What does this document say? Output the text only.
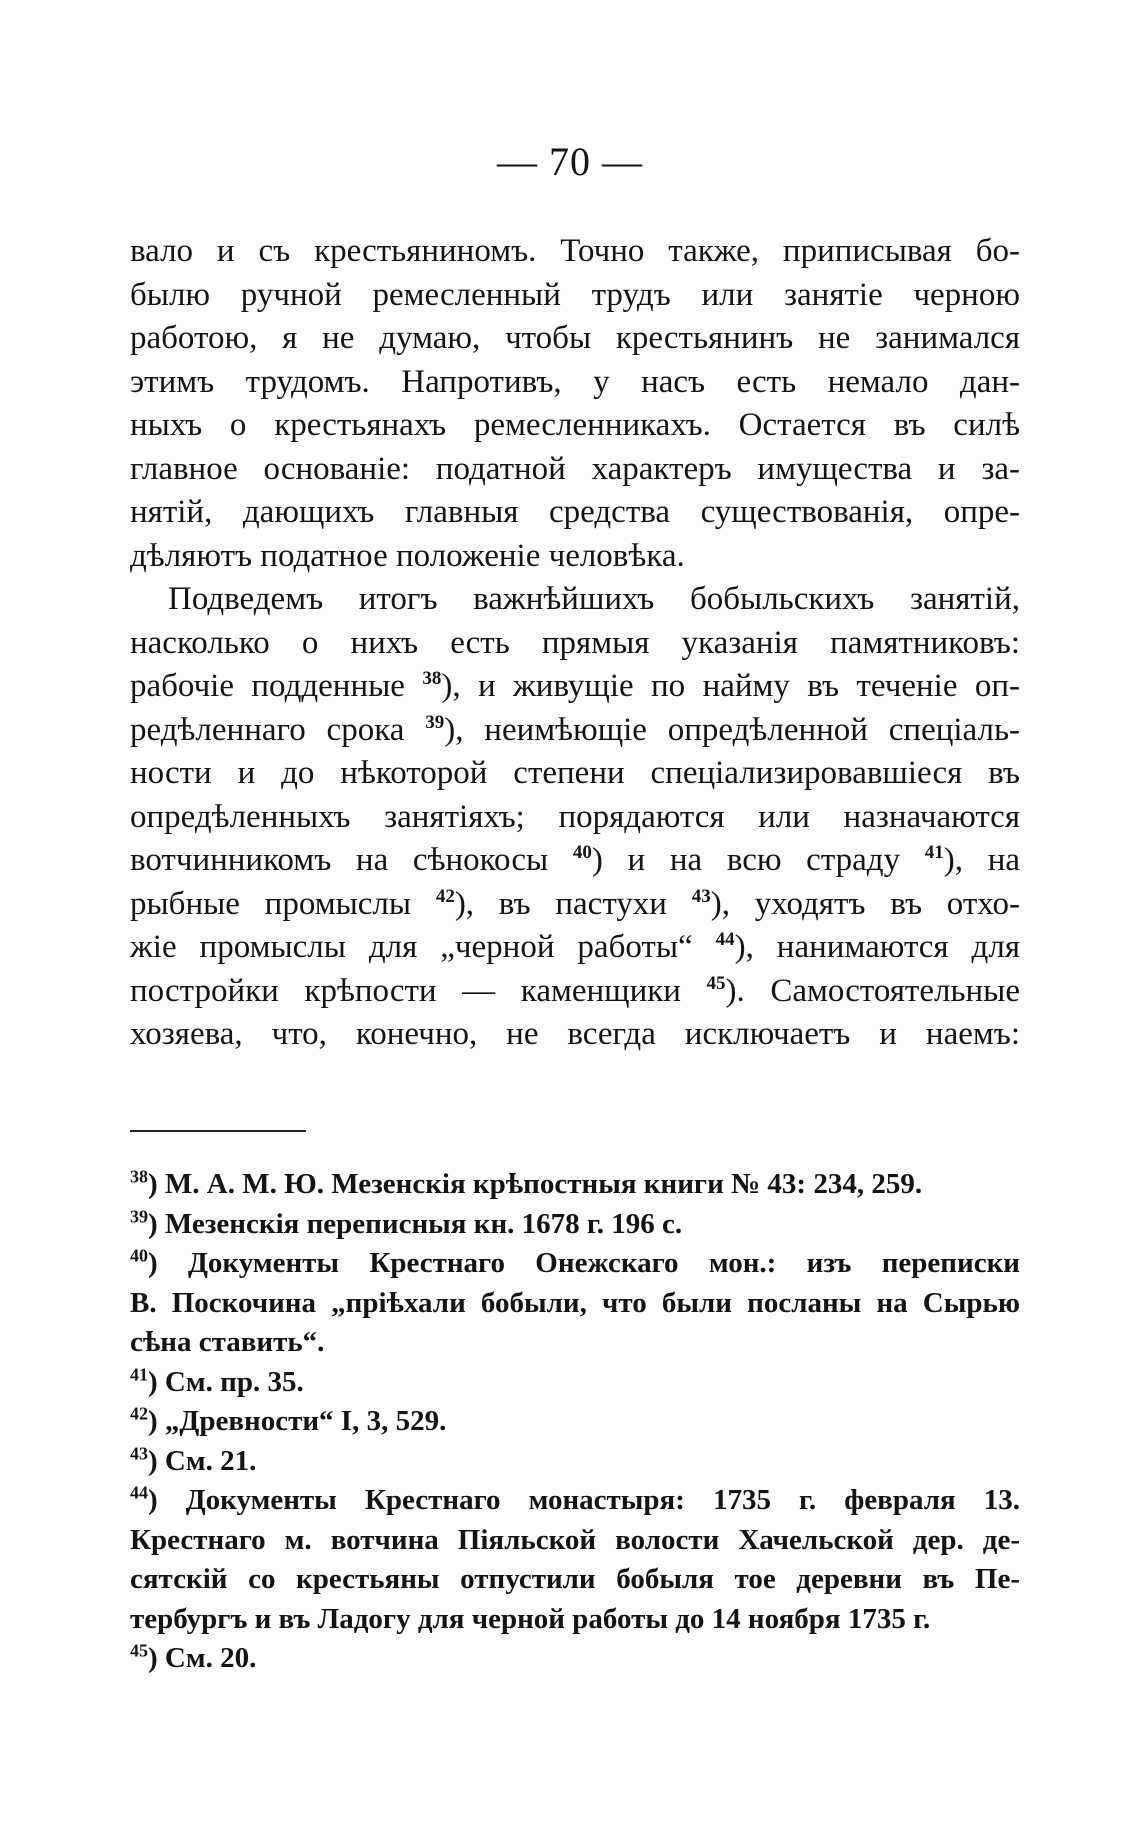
— 70 —
вало и съ крестьяниномъ. Точно также, приписывая бо-
былю ручной ремесленный трудъ или занятіе черною
работою, я не думаю, чтобы крестьянинъ не занимался
этимъ трудомъ. Напротивъ, у насъ есть немало дан-
ныхъ о крестьянахъ ремесленникахъ. Остается въ силѣ
главное основаніе: податной характеръ имущества и за-
нятій, дающихъ главныя средства существованія, опре-
дѣляютъ податное положеніе человѣка.
Подведемъ итогъ важнѣйшихъ бобыльскихъ занятій,
насколько о нихъ есть прямыя указанія памятниковъ:
рабочіе подденные $^{38}$), и живущіе по найму въ теченіе оп-
редѣленнаго срока $^{39}$), неимѣющіе опредѣленной спеціаль-
ности и до нѣкоторой степени спеціализировавшіеся въ
опредѣленныхъ занятіяхъ; порядаются или назначаются
вотчинникомъ на сѣнокосы $^{40}$) и на всю страду $^{41}$), на
рыбные промыслы $^{42}$), въ пастухи $^{43}$), уходятъ въ отхо-
жіе промыслы для „черной работы“ $^{44}$), нанимаются для
постройки крѣпости — каменщики $^{45}$). Самостоятельные
хозяева, что, конечно, не всегда исключаетъ и наемъ:
$^{38}$) М. А. М. Ю. Мезенскія крѣпостныя книги № 43: 234, 259.
$^{39}$) Мезенскія переписныя кн. 1678 г. 196 с.
$^{40}$) Документы Крестнаго Онежскаго мон.: изъ переписки
В. Поскочина „пріѣхали бобыли, что были посланы на Сырью
сѣна ставить“.
$^{41}$) См. пр. 35.
$^{42}$) „Древности“ I, 3, 529.
$^{43}$) См. 21.
$^{44}$) Документы Крестнаго монастыря: 1735 г. февраля 13.
Крестнаго м. вотчина Піяльской волости Хачельской дер. де-
сятскій со крестьяны отпустили бобыля тое деревни въ Пе-
тербургъ и въ Ладогу для черной работы до 14 ноября 1735 г.
$^{45}$) См. 20.
